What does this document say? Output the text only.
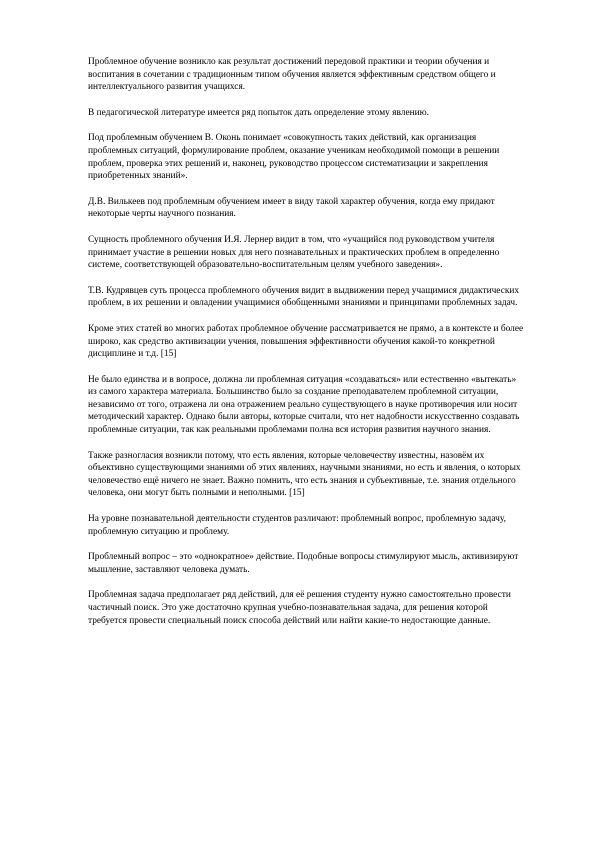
Проблемное обучение возникло как результат достижений передовой практики и теории обучения и воспитания в сочетании с традиционным типом обучения является эффективным средством общего и интеллектуального развития учащихся.

В педагогической литературе имеется ряд попыток дать определение этому явлению.

Под проблемным обучением В. Оконь понимает «совокупность таких действий, как организация проблемных ситуаций, формулирование проблем, оказание ученикам необходимой помощи в решении проблем, проверка этих решений и, наконец, руководство процессом систематизации и закрепления приобретенных знаний».

Д.В. Вилькеев под проблемным обучением имеет в виду такой характер обучения, когда ему придают некоторые черты научного познания.

Сущность проблемного обучения И.Я. Лернер видит в том, что «учащийся под руководством учителя принимает участие в решении новых для него познавательных и практических проблем в определенно системе, соответствующей образовательно-воспитательным целям учебного заведения».

Т.В. Кудрявцев суть процесса проблемного обучения видит в выдвижении перед учащимися дидактических проблем, в их решении и овладении учащимися обобщенными знаниями и принципами проблемных задач.

Кроме этих статей во многих работах проблемное обучение рассматривается не прямо, а в контексте и более широко, как средство активизации учения, повышения эффективности обучения какой-то конкретной дисциплине и т.д. [15]

Не было единства и в вопросе, должна ли проблемная ситуация «создаваться» или естественно «вытекать» из самого характера материала. Большинство было за создание преподавателем проблемной ситуации, независимо от того, отражена ли она отражением реально существующего в науке противоречия или носит методический характер. Однако были авторы, которые считали, что нет надобности искусственно создавать проблемные ситуации, так как реальными проблемами полна вся история развития научного знания.

Также разногласия возникли потому, что есть явления, которые человечеству известны, назовём их объективно существующими знаниями об этих явлениях, научными знаниями, но есть и явления, о которых человечество ещё ничего не знает. Важно помнить, что есть знания и субъективные, т.е. знания отдельного человека, они могут быть полными и неполными. [15]

На уровне познавательной деятельности студентов различают: проблемный вопрос, проблемную задачу, проблемную ситуацию и проблему.

Проблемный вопрос – это «однократное» действие. Подобные вопросы стимулируют мысль, активизируют мышление, заставляют человека думать.

Проблемная задача предполагает ряд действий, для её решения студенту нужно самостоятельно провести частичный поиск. Это уже достаточно крупная учебно-познавательная задача, для решения которой требуется провести специальный поиск способа действий или найти какие-то недостающие данные.
